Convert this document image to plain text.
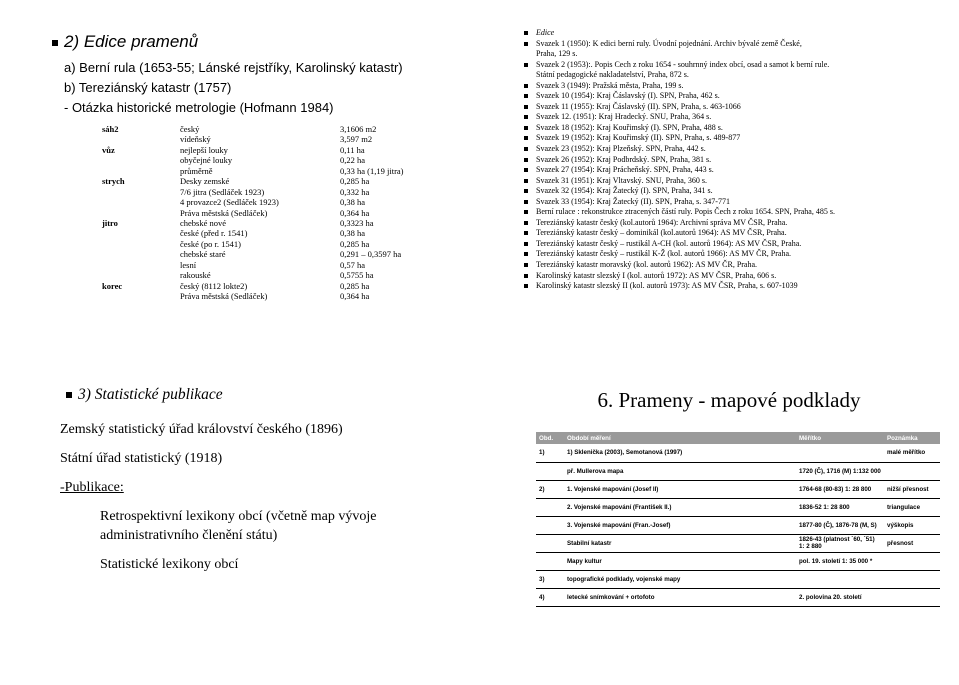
2) Edice pramenů
a) Berní rula (1653-55; Lánské rejstříky, Karolinský katastr)
b) Tereziánský katastr (1757)
- Otázka historické metrologie (Hofmann 1984)
sáh2	český	3,1606 m2
vídeňský	3,597 m2
vůz	nejlepší louky	0,11 ha
obyčejné louky	0,22 ha
průměrně	0,33 ha (1,19 jitra)
strych	Desky zemské	0,285 ha
7/6 jitra (Sedláček 1923)	0,332 ha
4 provazce2 (Sedláček 1923)	0,38 ha
Práva městská (Sedláček)	0,364 ha
jitro	chebské nové	0,3323 ha
české (před r. 1541)	0,38 ha
české (po r. 1541)	0,285 ha
chebské staré	0,291 – 0,3597 ha
lesní	0,57 ha
rakouské	0,5755 ha
korec	český (8112 lokte2)	0,285 ha
Práva městská (Sedláček)	0,364 ha
Edice
Svazek 1 (1950): K edici berní ruly. Úvodní pojednání. Archiv bývalé země České,
Praha, 129 s.
Svazek 2 (1953):. Popis Cech z roku 1654 - souhrnný index obcí, osad a samot k berní rule.
Státní pedagogické nakladatelství, Praha, 872 s.
Svazek 3 (1949): Pražská města, Praha, 199 s.
Svazek 10 (1954): Kraj Čáslavský (I). SPN, Praha, 462 s.
Svazek 11 (1955): Kraj Čáslavský (II). SPN, Praha, s. 463-1066
Svazek 12. (1951): Kraj Hradecký. SNU, Praha, 364 s.
Svazek 18 (1952): Kraj Kouřimský (I). SPN, Praha, 488 s.
Svazek 19 (1952): Kraj Kouřimský (II). SPN, Praha, s. 489-877
Svazek 23 (1952): Kraj Plzeňský. SPN, Praha, 442 s.
Svazek 26 (1952): Kraj Podbrdský. SPN, Praha, 381 s.
Svazek 27 (1954): Kraj Prácheňský. SPN, Praha, 443 s.
Svazek 31 (1951): Kraj Vltavský. SNU, Praha, 360 s.
Svazek 32 (1954): Kraj Žatecký (I). SPN, Praha, 341 s.
Svazek 33 (1954): Kraj Žatecký (II). SPN, Praha, s. 347-771
Berní rulace : rekonstrukce ztracených částí ruly. Popis Čech z roku 1654. SPN, Praha, 485 s.
Tereziánský katastr český (kol.autorů 1964): Archivní správa MV ČSR, Praha.
Tereziánský katastr český – dominikál (kol.autorů 1964): AS MV ČSR, Praha.
Tereziánský katastr český – rustikál A-CH (kol. autorů 1964): AS MV ČSR, Praha.
Tereziánský katastr český – rustikál K-Ž (kol. autorů 1966): AS MV ČR, Praha.
Tereziánský katastr moravský (kol. autorů 1962): AS MV ČR, Praha.
Karolinský katastr slezský I (kol. autorů 1972): AS MV ČSR, Praha, 606 s.
Karolinský katastr slezský II (kol. autorů 1973): AS MV ČSR, Praha, s. 607-1039
3) Statistické publikace

Zemský statistický úřad království českého (1896)

Státní úřad statistický (1918)

-Publikace:

Retrospektivní lexikony obcí (včetně map vývoje administrativního členění státu)

Statistické lexikony obcí

6. Prameny - mapové podklady
Obd.	Období měření	Měřítko	Poznámka
1)	1) Sklenička (2003), Semotanová (1997)		malé měřítko
	př. Mullerova mapa	1720 (Č), 1716 (M) 1:132 000	
2)	1. Vojenské mapování (Josef II)	1764-68 (80-83) 1: 28 800	nižší přesnost
	2. Vojenské mapování (František II.)	1836-52 1: 28 800	triangulace
	3. Vojenské mapování (Fran.-Josef)	1877-80 (Č), 1876-78 (M, S)	výškopis
	Stabilní katastr	1826-43 (platnost ´60, ´51) 1: 2 880	přesnost
	Mapy kultur	pol. 19. století 1: 35 000 *	
3)	topografické podklady, vojenské mapy		
4)	letecké snímkování + ortofoto	2. polovina 20. století	
